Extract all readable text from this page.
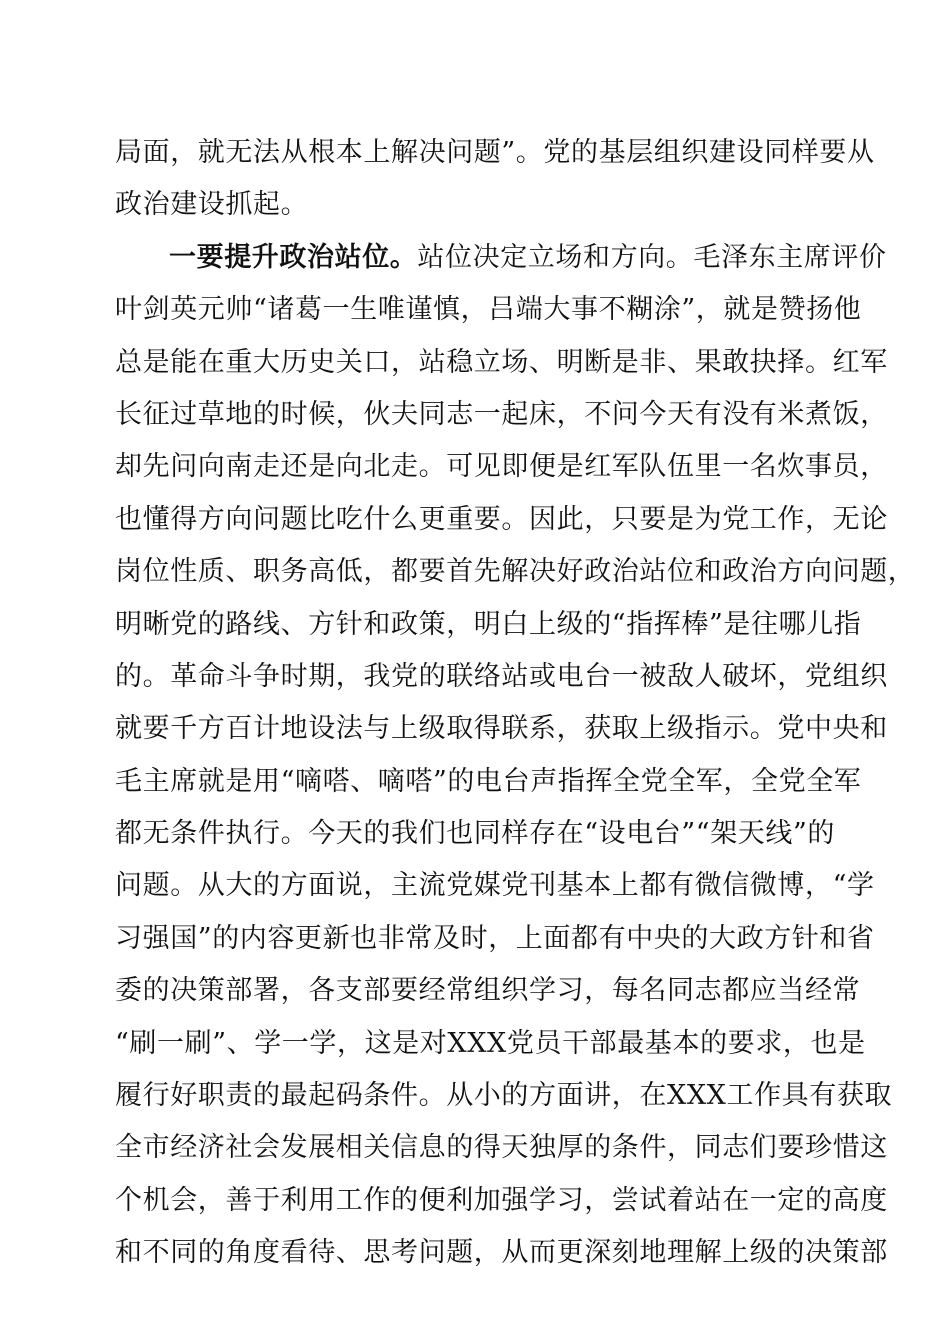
局面，就无法从根本上解决问题”。党的基层组织建设同样要从
政治建设抓起。
一要提升政治站位。站位决定立场和方向。毛泽东主席评价
叶剑英元帅“诸葛一生唯谨慎，吕端大事不糊涂”，就是赞扬他
总是能在重大历史关口，站稳立场、明断是非、果敢抉择。红军
长征过草地的时候，伙夫同志一起床，不问今天有没有米煮饭，
却先问向南走还是向北走。可见即便是红军队伍里一名炊事员，
也懂得方向问题比吃什么更重要。因此，只要是为党工作，无论
岗位性质、职务高低，都要首先解决好政治站位和政治方向问题，
明晰党的路线、方针和政策，明白上级的“指挥棒”是往哪儿指
的。革命斗争时期，我党的联络站或电台一被敌人破坏，党组织
就要千方百计地设法与上级取得联系，获取上级指示。党中央和
毛主席就是用“嘀嗒、嘀嗒”的电台声指挥全党全军，全党全军
都无条件执行。今天的我们也同样存在“设电台”“架天线”的
问题。从大的方面说，主流党媒党刊基本上都有微信微博，“学
习强国”的内容更新也非常及时，上面都有中央的大政方针和省
委的决策部署，各支部要经常组织学习，每名同志都应当经常
“刷一刷”、学一学，这是对XXX党员干部最基本的要求，也是
履行好职责的最起码条件。从小的方面讲，在XXX工作具有获取
全市经济社会发展相关信息的得天独厚的条件，同志们要珍惜这
个机会，善于利用工作的便利加强学习，尝试着站在一定的高度
和不同的角度看待、思考问题，从而更深刻地理解上级的决策部
